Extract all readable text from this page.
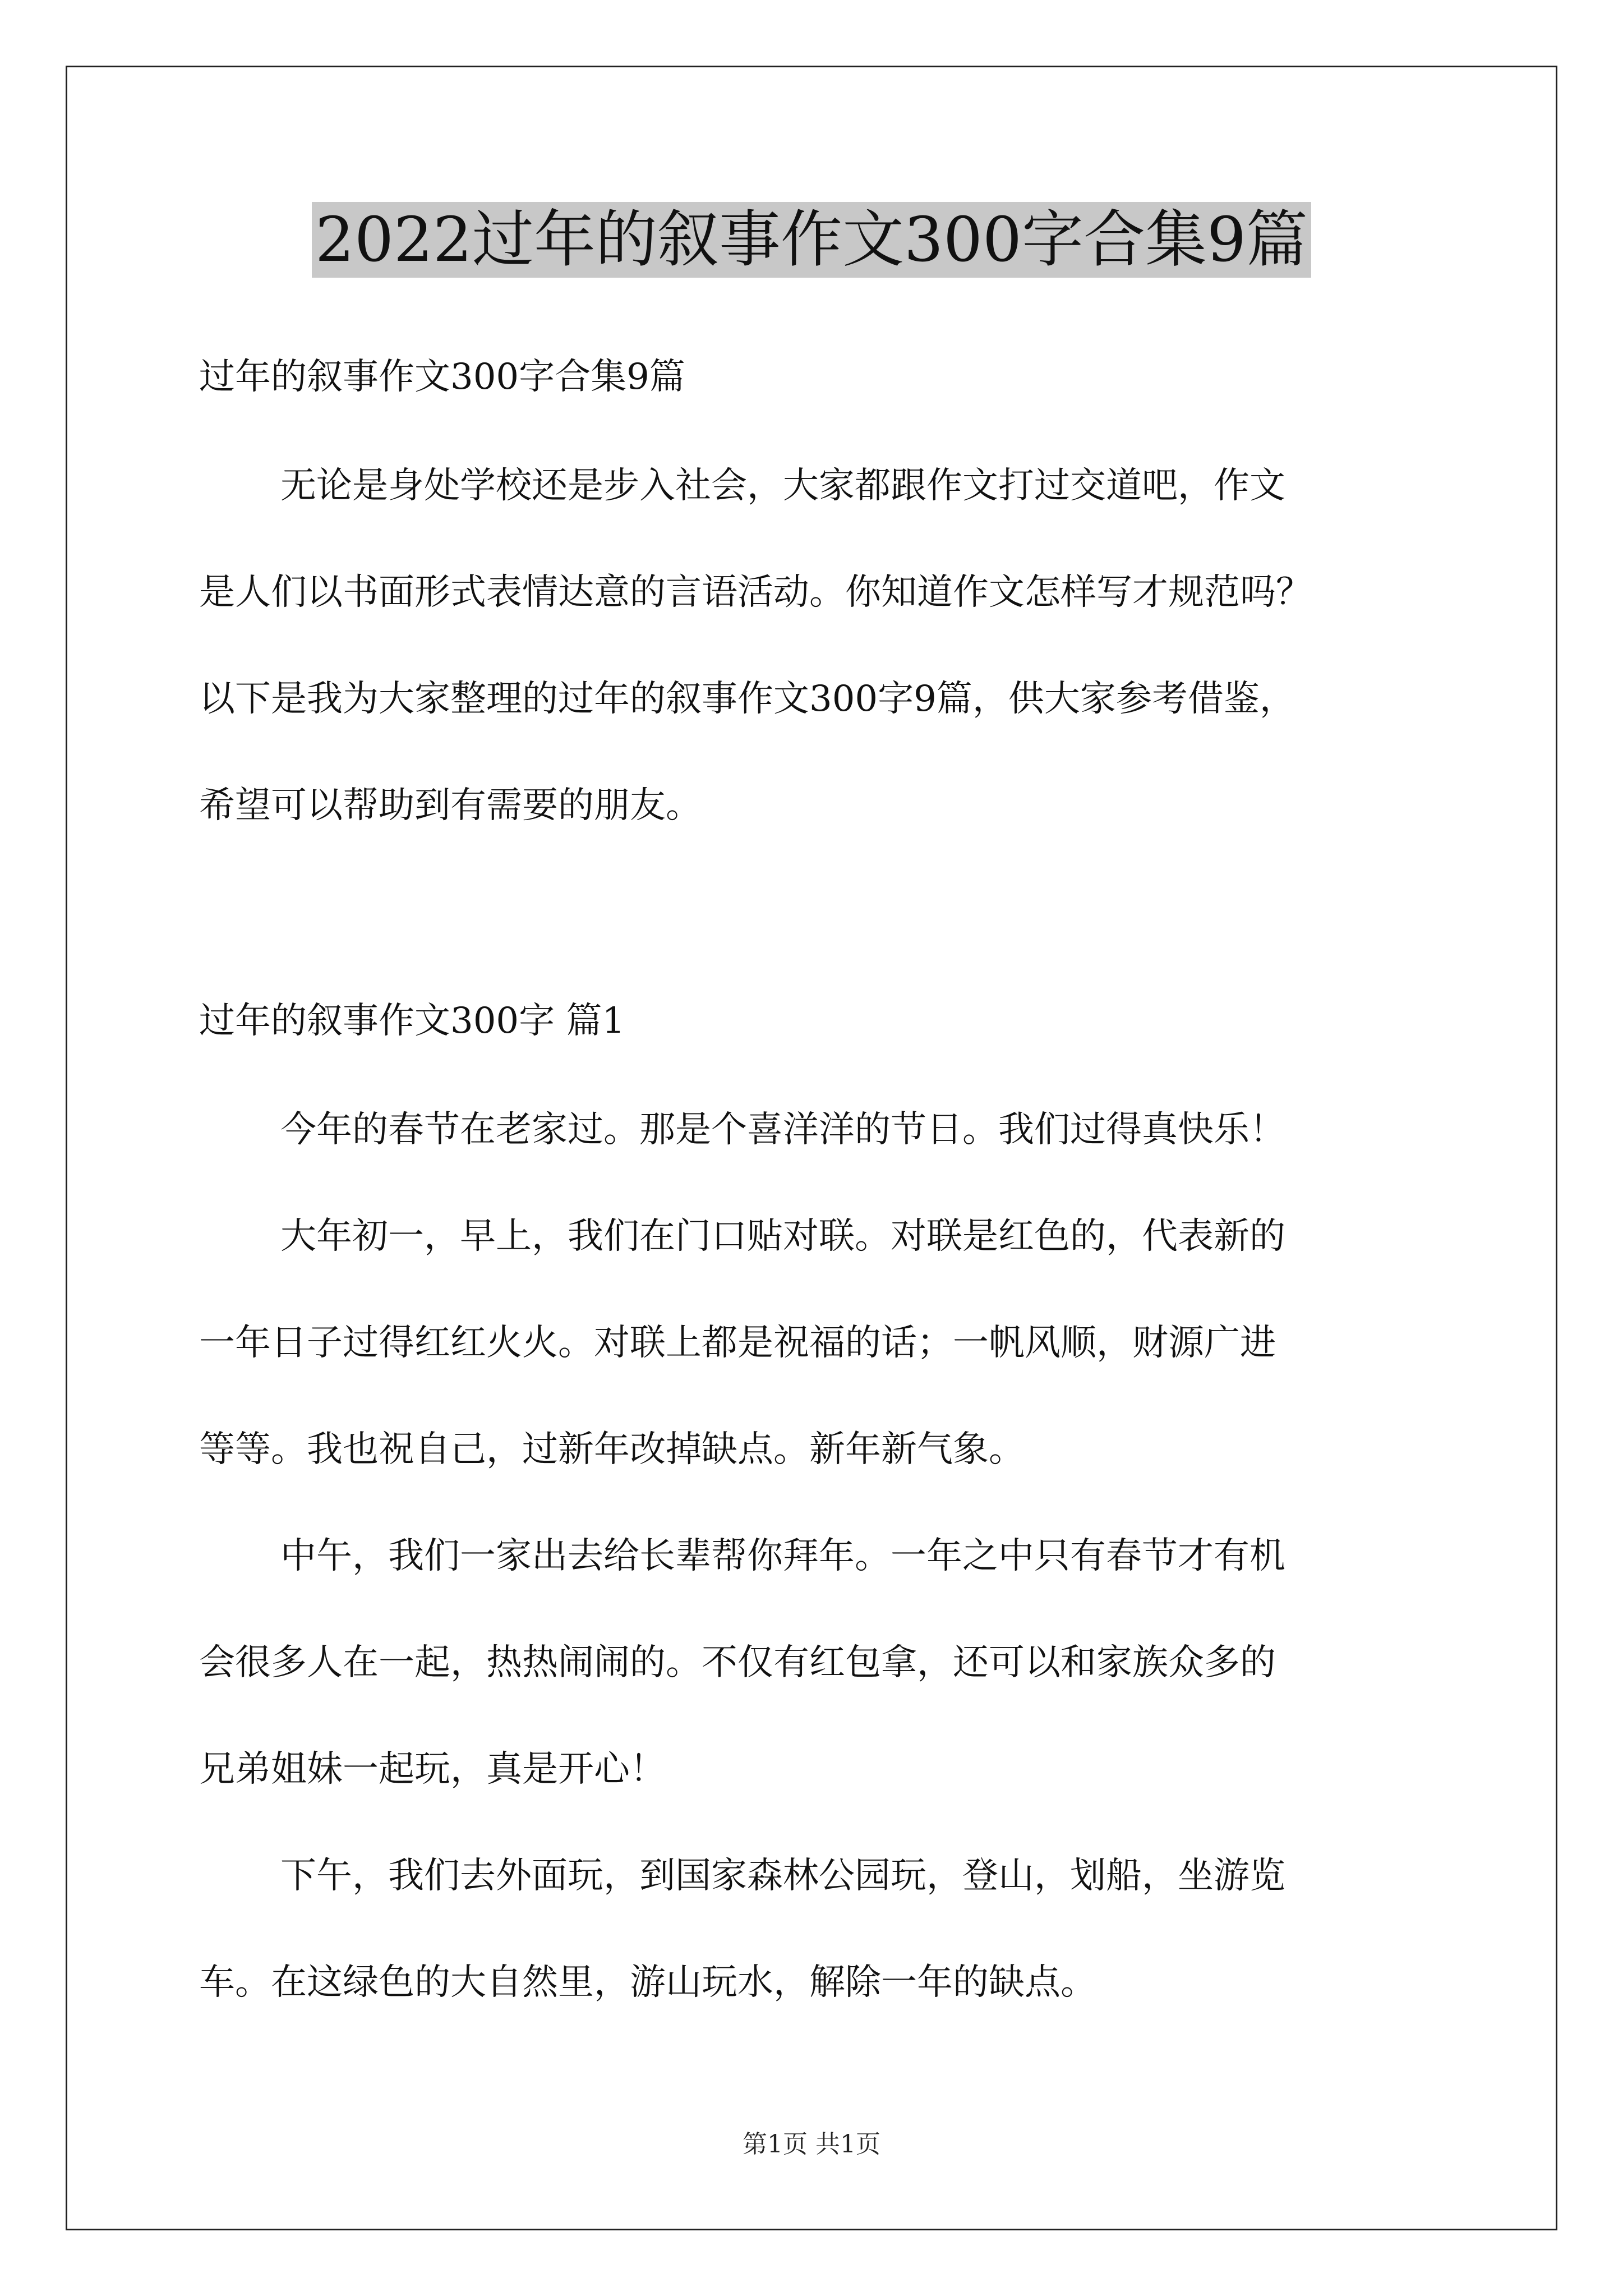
2022过年的叙事作文300字合集9篇
过年的叙事作文300字合集9篇
无论是身处学校还是步入社会，大家都跟作文打过交道吧，作文
是人们以书面形式表情达意的言语活动。你知道作文怎样写才规范吗？
以下是我为大家整理的过年的叙事作文300字9篇，供大家参考借鉴，
希望可以帮助到有需要的朋友。
过年的叙事作文300字 篇1
今年的春节在老家过。那是个喜洋洋的节日。我们过得真快乐！
大年初一，早上，我们在门口贴对联。对联是红色的，代表新的
一年日子过得红红火火。对联上都是祝福的话；一帆风顺，财源广进
等等。我也祝自己，过新年改掉缺点。新年新气象。
中午，我们一家出去给长辈帮你拜年。一年之中只有春节才有机
会很多人在一起，热热闹闹的。不仅有红包拿，还可以和家族众多的
兄弟姐妹一起玩，真是开心！
下午，我们去外面玩，到国家森林公园玩，登山，划船，坐游览
车。在这绿色的大自然里，游山玩水，解除一年的缺点。
第1页 共1页
